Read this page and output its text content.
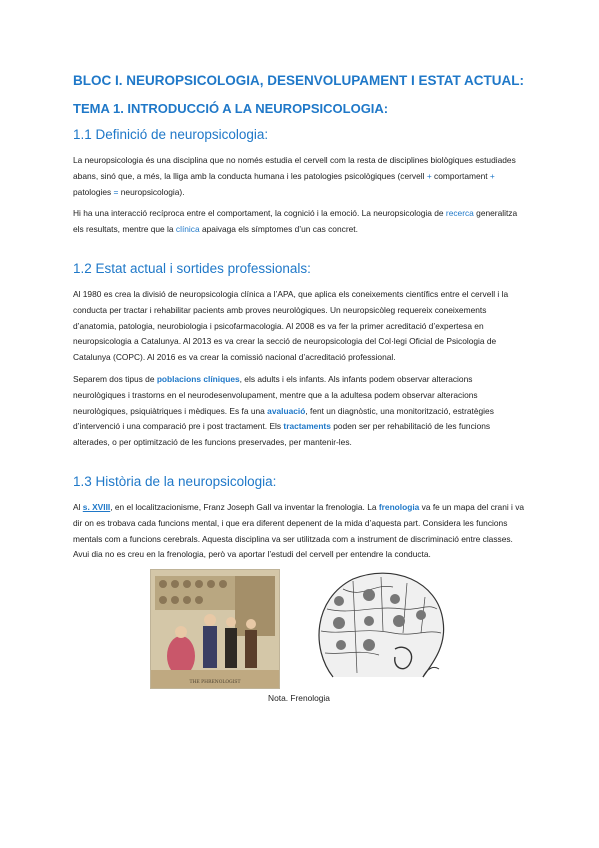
BLOC I. NEUROPSICOLOGIA, DESENVOLUPAMENT I ESTAT ACTUAL:
TEMA 1. INTRODUCCIÓ A LA NEUROPSICOLOGIA:
1.1 Definició de neuropsicologia:

La neuropsicologia és una disciplina que no només estudia el cervell com la resta de disciplines biològiques estudiades abans, sinó que, a més, la lliga amb la conducta humana i les patologies psicològiques (cervell + comportament + patologies = neuropsicologia).

Hi ha una interacció recíproca entre el comportament, la cognició i la emoció. La neuropsicologia de recerca generalitza els resultats, mentre que la clínica apaivaga els símptomes d’un cas concret.

1.2 Estat actual i sortides professionals:

Al 1980 es crea la divisió de neuropsicologia clínica a l’APA, que aplica els coneixements científics entre el cervell i la conducta per tractar i rehabilitar pacients amb proves neurològiques. Un neuropsicòleg requereix coneixements d’anatomia, patologia, neurobiologia i psicofarmacologia. Al 2008 es va fer la primer acreditació d’expertesa en neuropsicologia a Catalunya. Al 2013 es va crear la secció de neuropsicologia del Col·legi Oficial de Psicologia de Catalunya (COPC). Al 2016 es va crear la comissió nacional d’acreditació professional.

Separem dos tipus de poblacions clíniques, els adults i els infants. Als infants podem observar alteracions neurològiques i trastorns en el neurodesenvolupament, mentre que a la adultesa podem observar alteracions neurològiques, psiquiàtriques i mèdiques. Es fa una avaluació, fent un diagnòstic, una monitorització, estratègies d’intervenció i una comparació pre i post tractament. Els tractaments poden ser per rehabilitació de les funcions alterades, o per optimització de les funcions preservades, per mantenir-les.

1.3 Història de la neuropsicologia:

Al s. XVIII, en el localitzacionisme, Franz Joseph Gall va inventar la frenologia. La frenologia va fe un mapa del crani i va dir on es trobava cada funcions mental, i que era diferent depenent de la mida d’aquesta part. Considera les funcions mentals com a funcions cerebrals. Aquesta disciplina va ser utilitzada com a instrument de discriminació entre classes. Avui dia no es creu en la frenologia, però va aportar l’estudi del cervell per entendre la conducta.

THE PHRENOLOGIST
Nota. Frenologia
